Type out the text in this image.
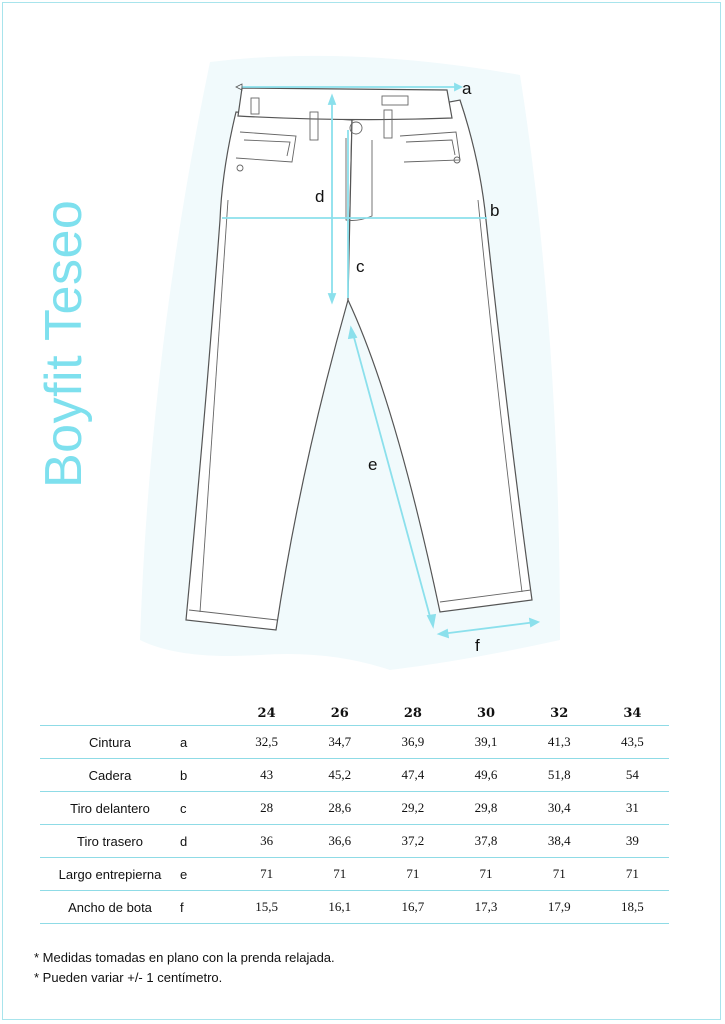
Boyfit Teseo
a
b
c
d
e
f
		24	26	28	30	32	34
Cintura	a	32,5	34,7	36,9	39,1	41,3	43,5
Cadera	b	43	45,2	47,4	49,6	51,8	54
Tiro delantero	c	28	28,6	29,2	29,8	30,4	31
Tiro trasero	d	36	36,6	37,2	37,8	38,4	39
Largo entrepierna	e	71	71	71	71	71	71
Ancho de bota	f	15,5	16,1	16,7	17,3	17,9	18,5
* Medidas tomadas en plano con la prenda relajada.
* Pueden variar +/- 1 centímetro.
